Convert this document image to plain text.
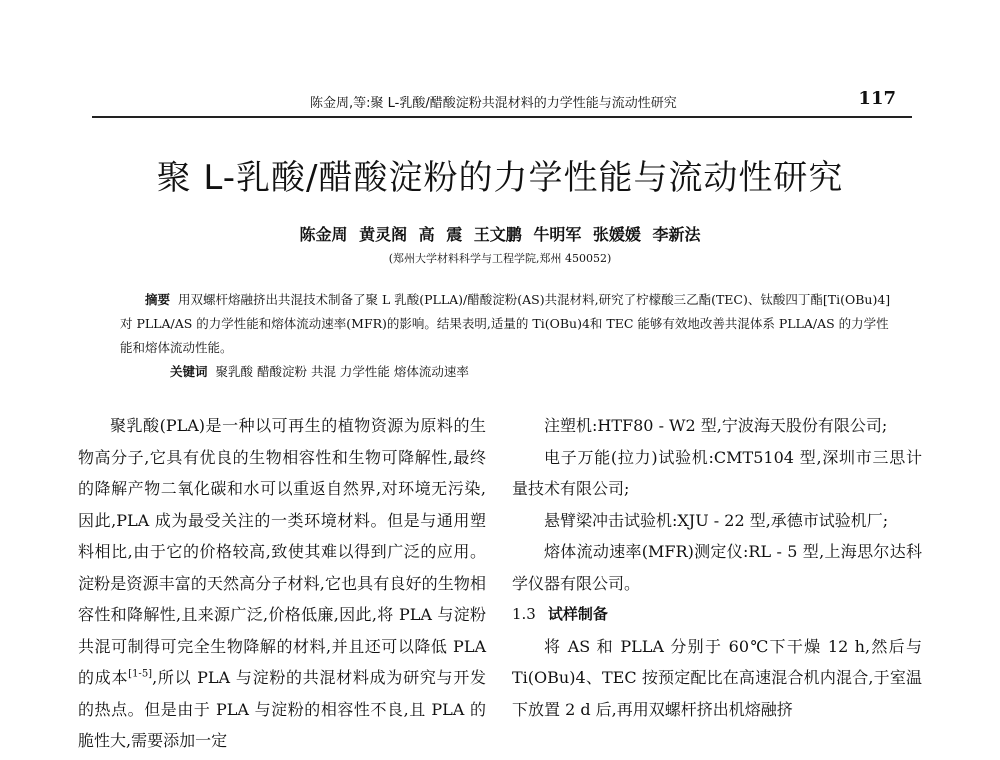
陈金周,等:聚 L-乳酸/醋酸淀粉共混材料的力学性能与流动性研究	117
聚 L-乳酸/醋酸淀粉的力学性能与流动性研究
陈金周 黄灵阁 高 震 王文鹏 牛明军 张媛媛 李新法
(郑州大学材料科学与工程学院,郑州 450052)

摘要 用双螺杆熔融挤出共混技术制备了聚 L 乳酸(PLLA)/醋酸淀粉(AS)共混材料,研究了柠檬酸三乙酯(TEC)、钛酸四丁酯[Ti(OBu)4]对 PLLA/AS 的力学性能和熔体流动速率(MFR)的影响。结果表明,适量的 Ti(OBu)4和 TEC 能够有效地改善共混体系 PLLA/AS 的力学性能和熔体流动性能。

关键词 聚乳酸 醋酸淀粉 共混 力学性能 熔体流动速率

聚乳酸(PLA)是一种以可再生的植物资源为原料的生物高分子,它具有优良的生物相容性和生物可降解性,最终的降解产物二氧化碳和水可以重返自然界,对环境无污染,因此,PLA 成为最受关注的一类环境材料。但是与通用塑料相比,由于它的价格较高,致使其难以得到广泛的应用。淀粉是资源丰富的天然高分子材料,它也具有良好的生物相容性和降解性,且来源广泛,价格低廉,因此,将 PLA 与淀粉共混可制得可完全生物降解的材料,并且还可以降低 PLA 的成本[1-5],所以 PLA 与淀粉的共混材料成为研究与开发的热点。但是由于 PLA 与淀粉的相容性不良,且 PLA 的脆性大,需要添加一定

注塑机:HTF80 - W2 型,宁波海天股份有限公司;

电子万能(拉力)试验机:CMT5104 型,深圳市三思计量技术有限公司;

悬臂梁冲击试验机:XJU - 22 型,承德市试验机厂;

熔体流动速率(MFR)测定仪:RL - 5 型,上海思尔达科学仪器有限公司。

1.3 试样制备

将 AS 和 PLLA 分别于 60℃下干燥 12 h,然后与Ti(OBu)4、TEC 按预定配比在高速混合机内混合,于室温下放置 2 d 后,再用双螺杆挤出机熔融挤
